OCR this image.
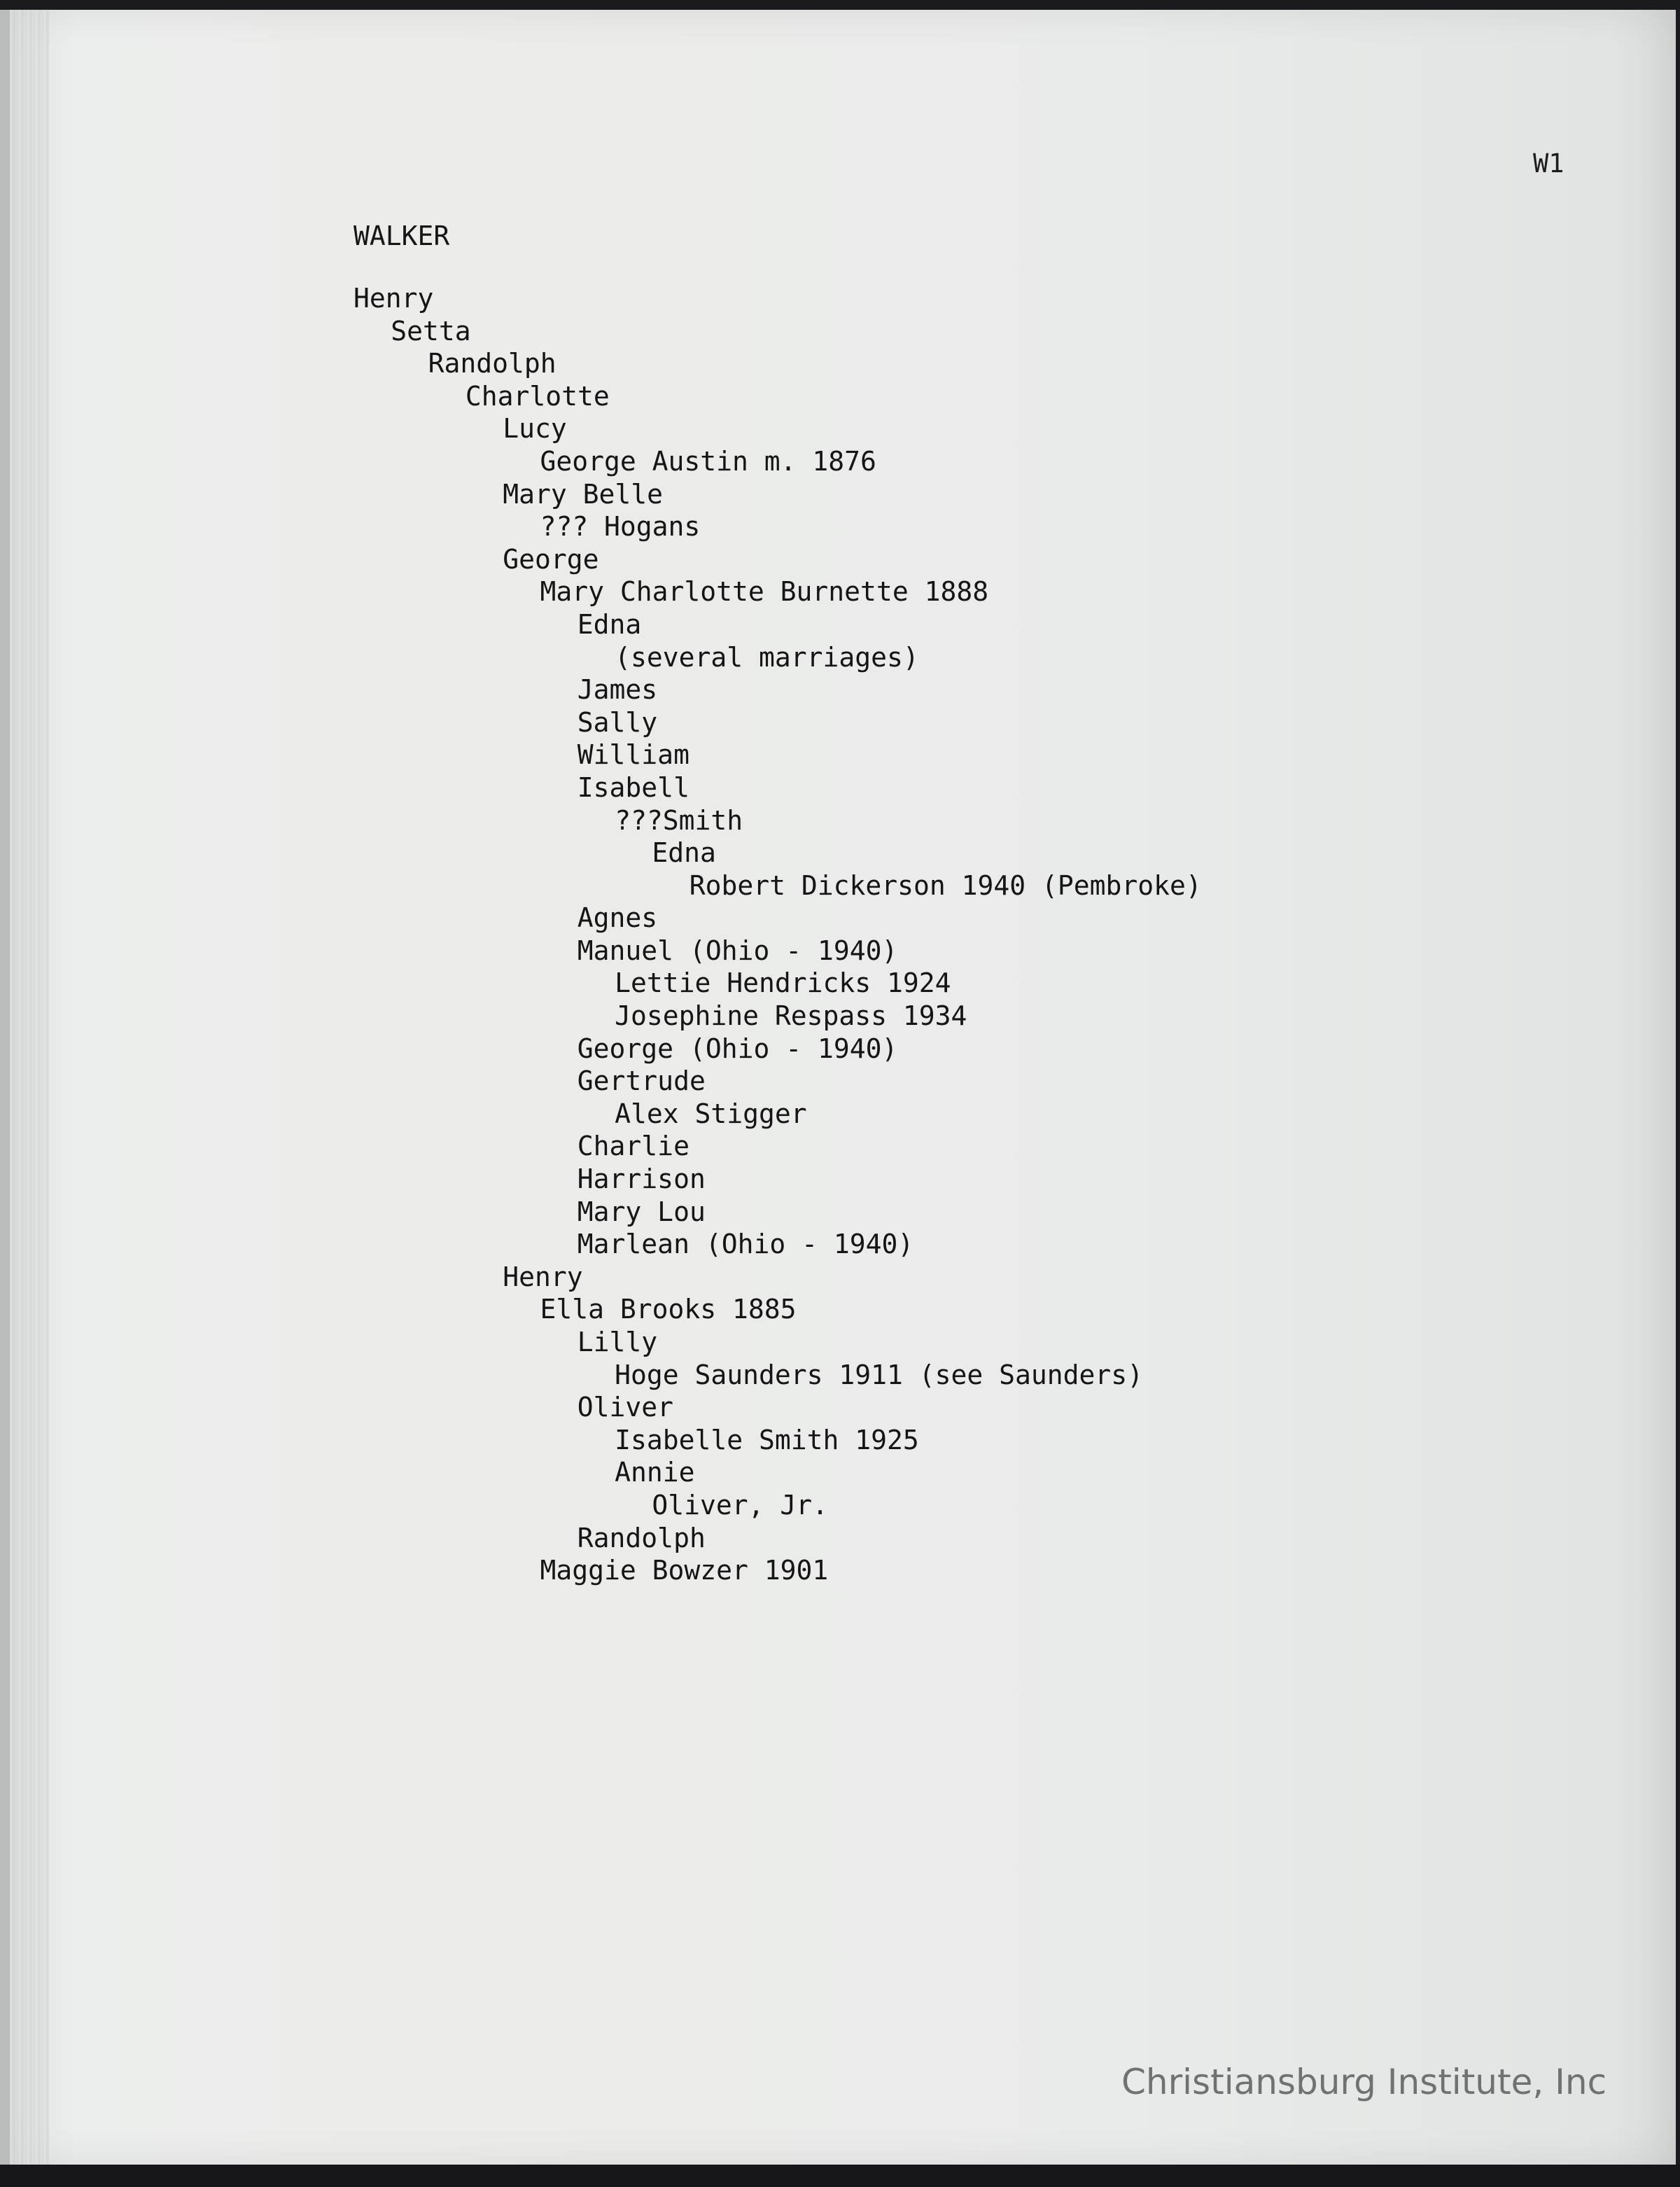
W1
WALKER
Henry
Setta
Randolph
Charlotte
Lucy
George Austin m. 1876
Mary Belle
??? Hogans
George
Mary Charlotte Burnette 1888
Edna
(several marriages)
James
Sally
William
Isabell
???Smith
Edna
Robert Dickerson 1940 (Pembroke)
Agnes
Manuel (Ohio - 1940)
Lettie Hendricks 1924
Josephine Respass 1934
George (Ohio - 1940)
Gertrude
Alex Stigger
Charlie
Harrison
Mary Lou
Marlean (Ohio - 1940)
Henry
Ella Brooks 1885
Lilly
Hoge Saunders 1911 (see Saunders)
Oliver
Isabelle Smith 1925
Annie
Oliver, Jr.
Randolph
Maggie Bowzer 1901
Christiansburg Institute, Inc
